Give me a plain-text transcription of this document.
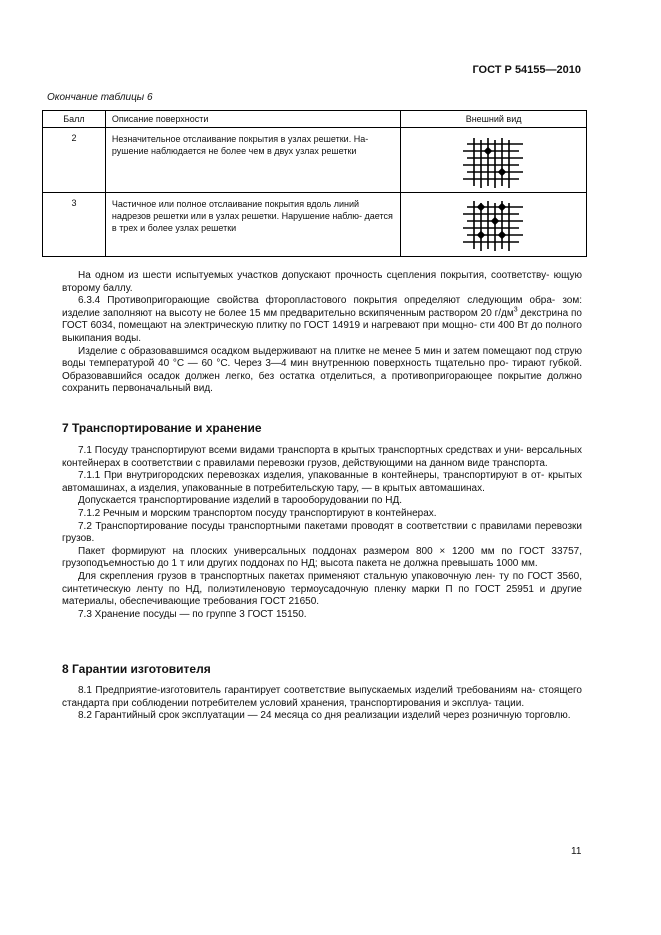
ГОСТ Р 54155—2010
Окончание таблицы 6
Балл	Описание поверхности	Внешний вид
2	Незначительное отслаивание покрытия в узлах решетки. На- рушение наблюдается не более чем в двух узлах решетки	

3	Частичное или полное отслаивание покрытия вдоль линий надрезов решетки или в узлах решетки. Нарушение наблю- дается в трех и более узлах решетки	

На одном из шести испытуемых участков допускают прочность сцепления покрытия, соответству- ющую второму баллу.

6.3.4 Противопригорающие свойства фторопластового покрытия определяют следующим обра- зом: изделие заполняют на высоту не более 15 мм предварительно вскипяченным раствором 20 $г/дм^3$ декстрина по ГОСТ 6034, помещают на электрическую плитку по ГОСТ 14919 и нагревают при мощно- сти 400 Вт до полного выкипания воды.

Изделие с образовавшимся осадком выдерживают на плитке не менее 5 мин и затем помещают под струю воды температурой 40 °С — 60 °С. Через 3—4 мин внутреннюю поверхность тщательно про- тирают губкой. Образовавшийся осадок должен легко, без остатка отделиться, а противопригорающее покрытие должно сохранить первоначальный вид.

7 Транспортирование и хранение

7.1 Посуду транспортируют всеми видами транспорта в крытых транспортных средствах и уни- версальных контейнерах в соответствии с правилами перевозки грузов, действующими на данном виде транспорта.

7.1.1 При внутригородских перевозках изделия, упакованные в контейнеры, транспортируют в от- крытых автомашинах, а изделия, упакованные в потребительскую тару, — в крытых автомашинах.

Допускается транспортирование изделий в тарооборудовании по НД.

7.1.2 Речным и морским транспортом посуду транспортируют в контейнерах.

7.2 Транспортирование посуды транспортными пакетами проводят в соответствии с правилами перевозки грузов.

Пакет формируют на плоских универсальных поддонах размером 800 × 1200 мм по ГОСТ 33757, грузоподъемностью до 1 т или других поддонах по НД; высота пакета не должна превышать 1000 мм.

Для скрепления грузов в транспортных пакетах применяют стальную упаковочную лен- ту по ГОСТ 3560, синтетическую ленту по НД, полиэтиленовую термоусадочную пленку марки П по ГОСТ 25951 и другие материалы, обеспечивающие требования ГОСТ 21650.

7.3 Хранение посуды — по группе 3 ГОСТ 15150.

8 Гарантии изготовителя

8.1 Предприятие-изготовитель гарантирует соответствие выпускаемых изделий требованиям на- стоящего стандарта при соблюдении потребителем условий хранения, транспортирования и эксплуа- тации.

8.2 Гарантийный срок эксплуатации — 24 месяца со дня реализации изделий через розничную торговлю.

11
